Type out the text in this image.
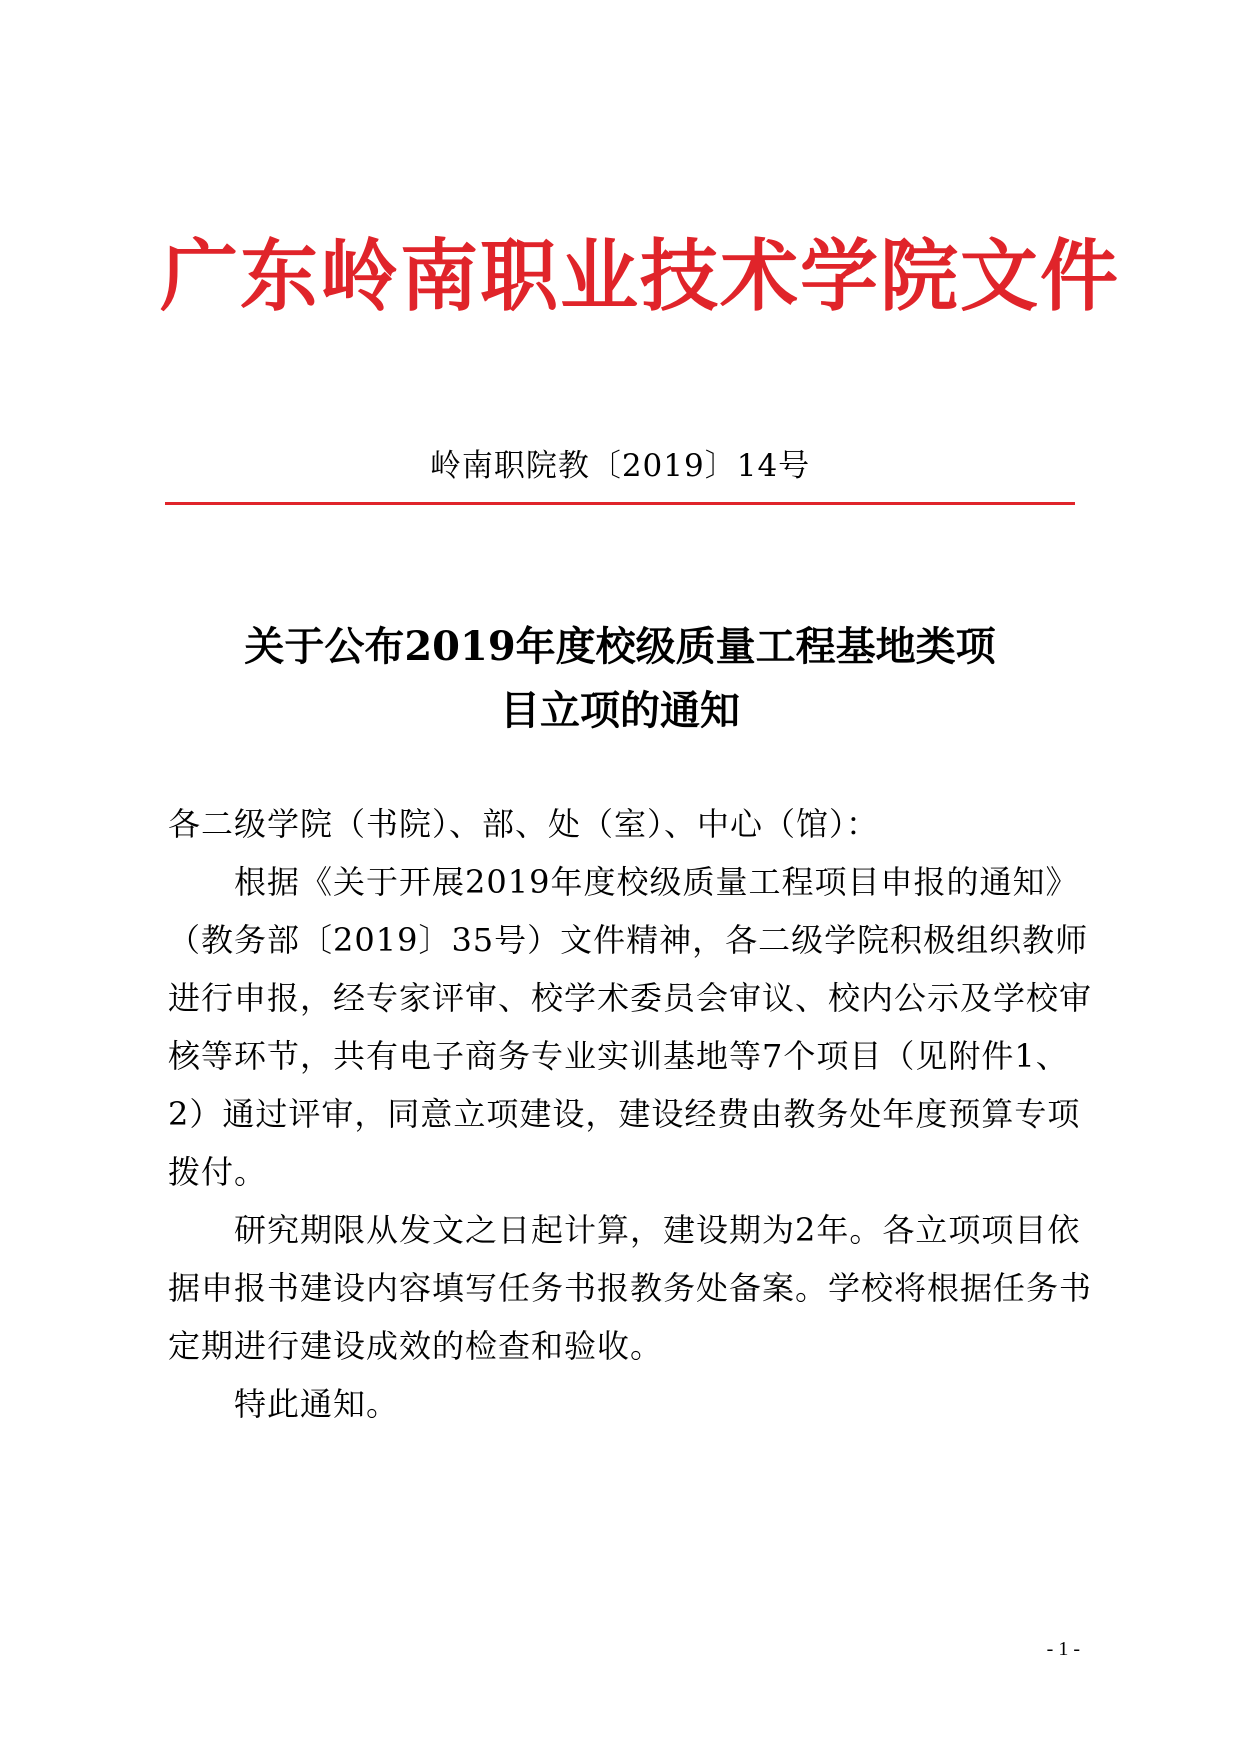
广东岭南职业技术学院文件
岭南职院教〔2019〕14号
关于公布2019年度校级质量工程基地类项
目立项的通知

各二级学院（书院）、部、处（室）、中心（馆）：

根据《关于开展2019年度校级质量工程项目申报的通知》

（教务部〔2019〕35号）文件精神，各二级学院积极组织教师

进行申报，经专家评审、校学术委员会审议、校内公示及学校审

核等环节，共有电子商务专业实训基地等7个项目（见附件1、

2）通过评审，同意立项建设，建设经费由教务处年度预算专项

拨付。

研究期限从发文之日起计算，建设期为2年。各立项项目依

据申报书建设内容填写任务书报教务处备案。学校将根据任务书

定期进行建设成效的检查和验收。

特此通知。

- 1 -
